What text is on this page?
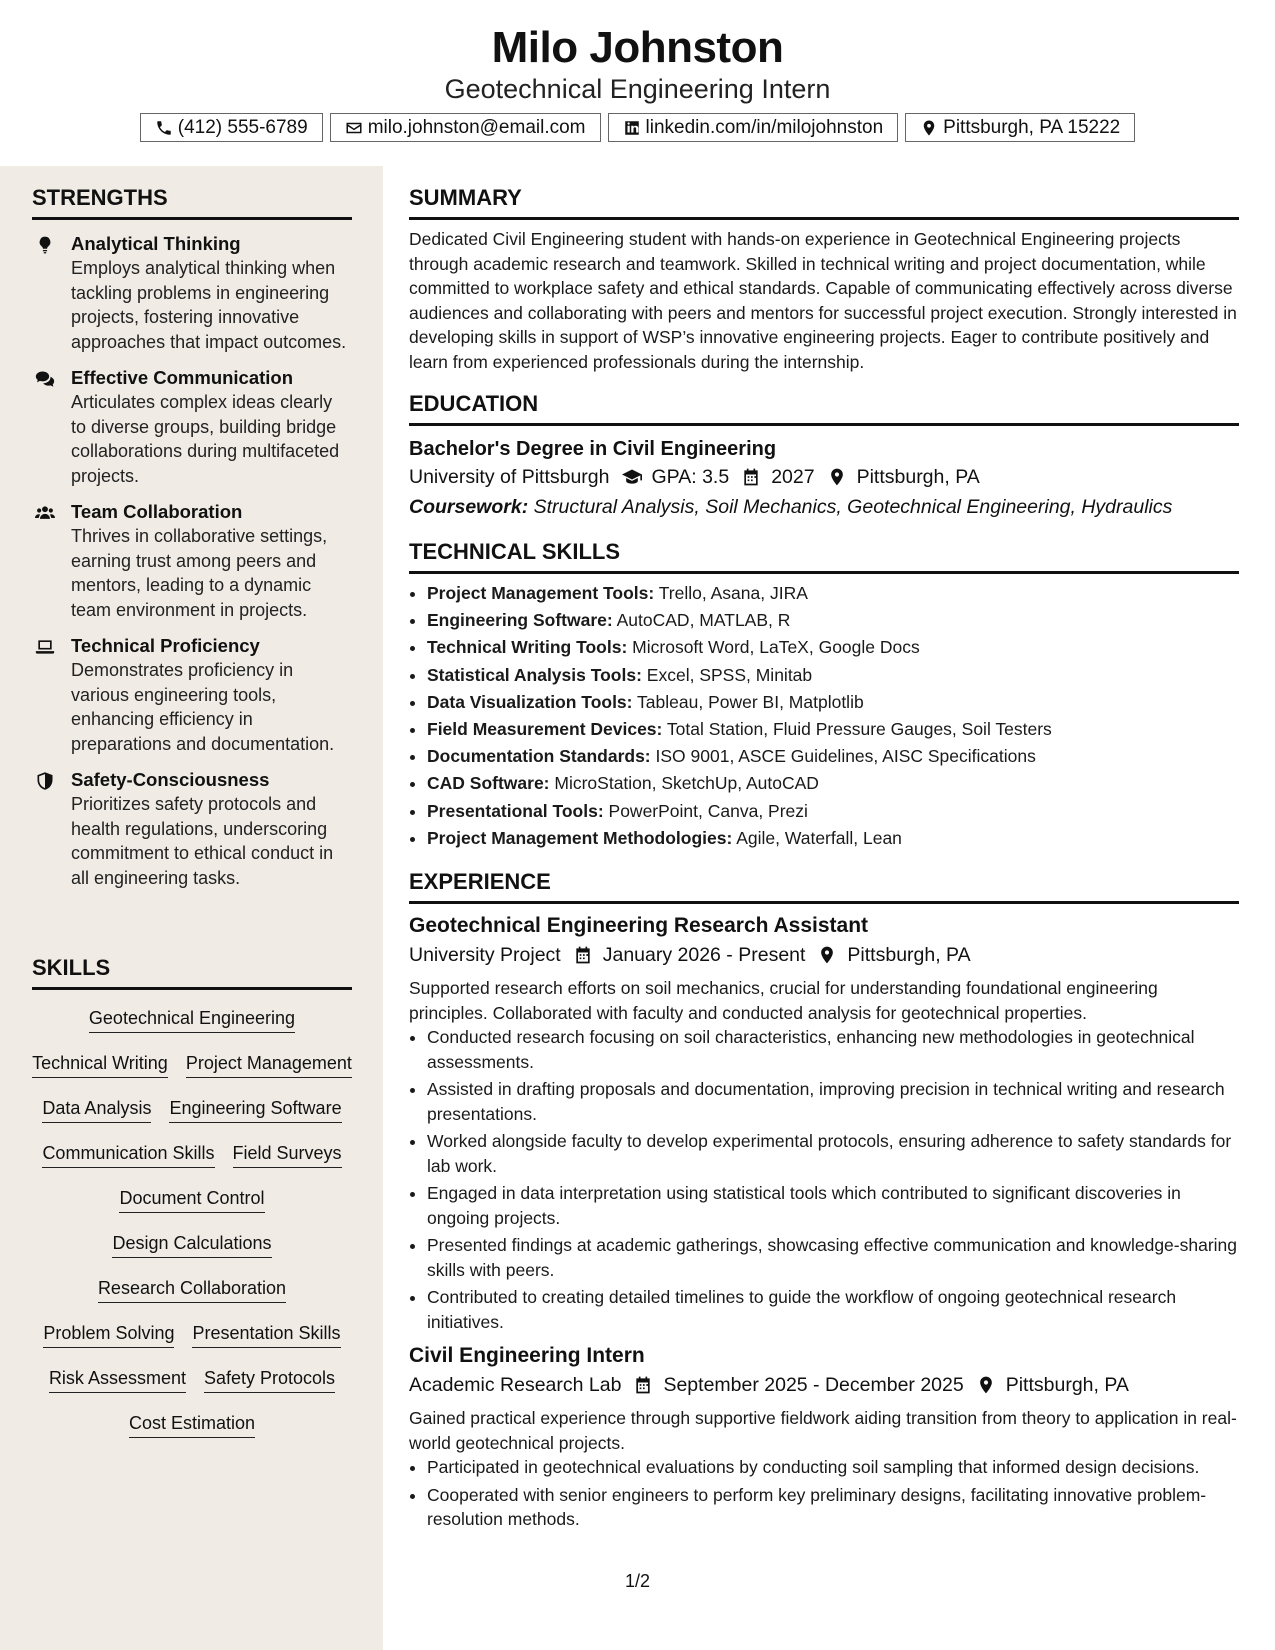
Milo Johnston
Geotechnical Engineering Intern
(412) 555-6789	milo.johnston@email.com	linkedin.com/in/milojohnston	Pittsburgh, PA 15222
STRENGTHS
Analytical Thinking
Employs analytical thinking when tackling problems in engineering projects, fostering innovative approaches that impact outcomes.
Effective Communication
Articulates complex ideas clearly to diverse groups, building bridge collaborations during multifaceted projects.
Team Collaboration
Thrives in collaborative settings, earning trust among peers and mentors, leading to a dynamic team environment in projects.
Technical Proficiency
Demonstrates proficiency in various engineering tools, enhancing efficiency in preparations and documentation.
Safety-Consciousness
Prioritizes safety protocols and health regulations, underscoring commitment to ethical conduct in all engineering tasks.
SKILLS
Geotechnical Engineering
Technical Writing Project Management
Data Analysis Engineering Software
Communication Skills Field Surveys
Document Control
Design Calculations
Research Collaboration
Problem Solving Presentation Skills
Risk Assessment Safety Protocols
Cost Estimation
SUMMARY
Dedicated Civil Engineering student with hands-on experience in Geotechnical Engineering projects through academic research and teamwork. Skilled in technical writing and project documentation, while committed to workplace safety and ethical standards. Capable of communicating effectively across diverse audiences and collaborating with peers and mentors for successful project execution. Strongly interested in developing skills in support of WSP’s innovative engineering projects. Eager to contribute positively and learn from experienced professionals during the internship.
EDUCATION
Bachelor's Degree in Civil Engineering
University of Pittsburgh GPA: 3.5 2027 Pittsburgh, PA
Coursework: Structural Analysis, Soil Mechanics, Geotechnical Engineering, Hydraulics
TECHNICAL SKILLS
• Project Management Tools: Trello, Asana, JIRA
• Engineering Software: AutoCAD, MATLAB, R
• Technical Writing Tools: Microsoft Word, LaTeX, Google Docs
• Statistical Analysis Tools: Excel, SPSS, Minitab
• Data Visualization Tools: Tableau, Power BI, Matplotlib
• Field Measurement Devices: Total Station, Fluid Pressure Gauges, Soil Testers
• Documentation Standards: ISO 9001, ASCE Guidelines, AISC Specifications
• CAD Software: MicroStation, SketchUp, AutoCAD
• Presentational Tools: PowerPoint, Canva, Prezi
• Project Management Methodologies: Agile, Waterfall, Lean
EXPERIENCE
Geotechnical Engineering Research Assistant
University Project January 2026 - Present Pittsburgh, PA
Supported research efforts on soil mechanics, crucial for understanding foundational engineering principles. Collaborated with faculty and conducted analysis for geotechnical properties.
• Conducted research focusing on soil characteristics, enhancing new methodologies in geotechnical assessments.
• Assisted in drafting proposals and documentation, improving precision in technical writing and research presentations.
• Worked alongside faculty to develop experimental protocols, ensuring adherence to safety standards for lab work.
• Engaged in data interpretation using statistical tools which contributed to significant discoveries in ongoing projects.
• Presented findings at academic gatherings, showcasing effective communication and knowledge-sharing skills with peers.
• Contributed to creating detailed timelines to guide the workflow of ongoing geotechnical research initiatives.
Civil Engineering Intern
Academic Research Lab September 2025 - December 2025 Pittsburgh, PA
Gained practical experience through supportive fieldwork aiding transition from theory to application in real-world geotechnical projects.
• Participated in geotechnical evaluations by conducting soil sampling that informed design decisions.
• Cooperated with senior engineers to perform key preliminary designs, facilitating innovative problem-resolution methods.
1/2
